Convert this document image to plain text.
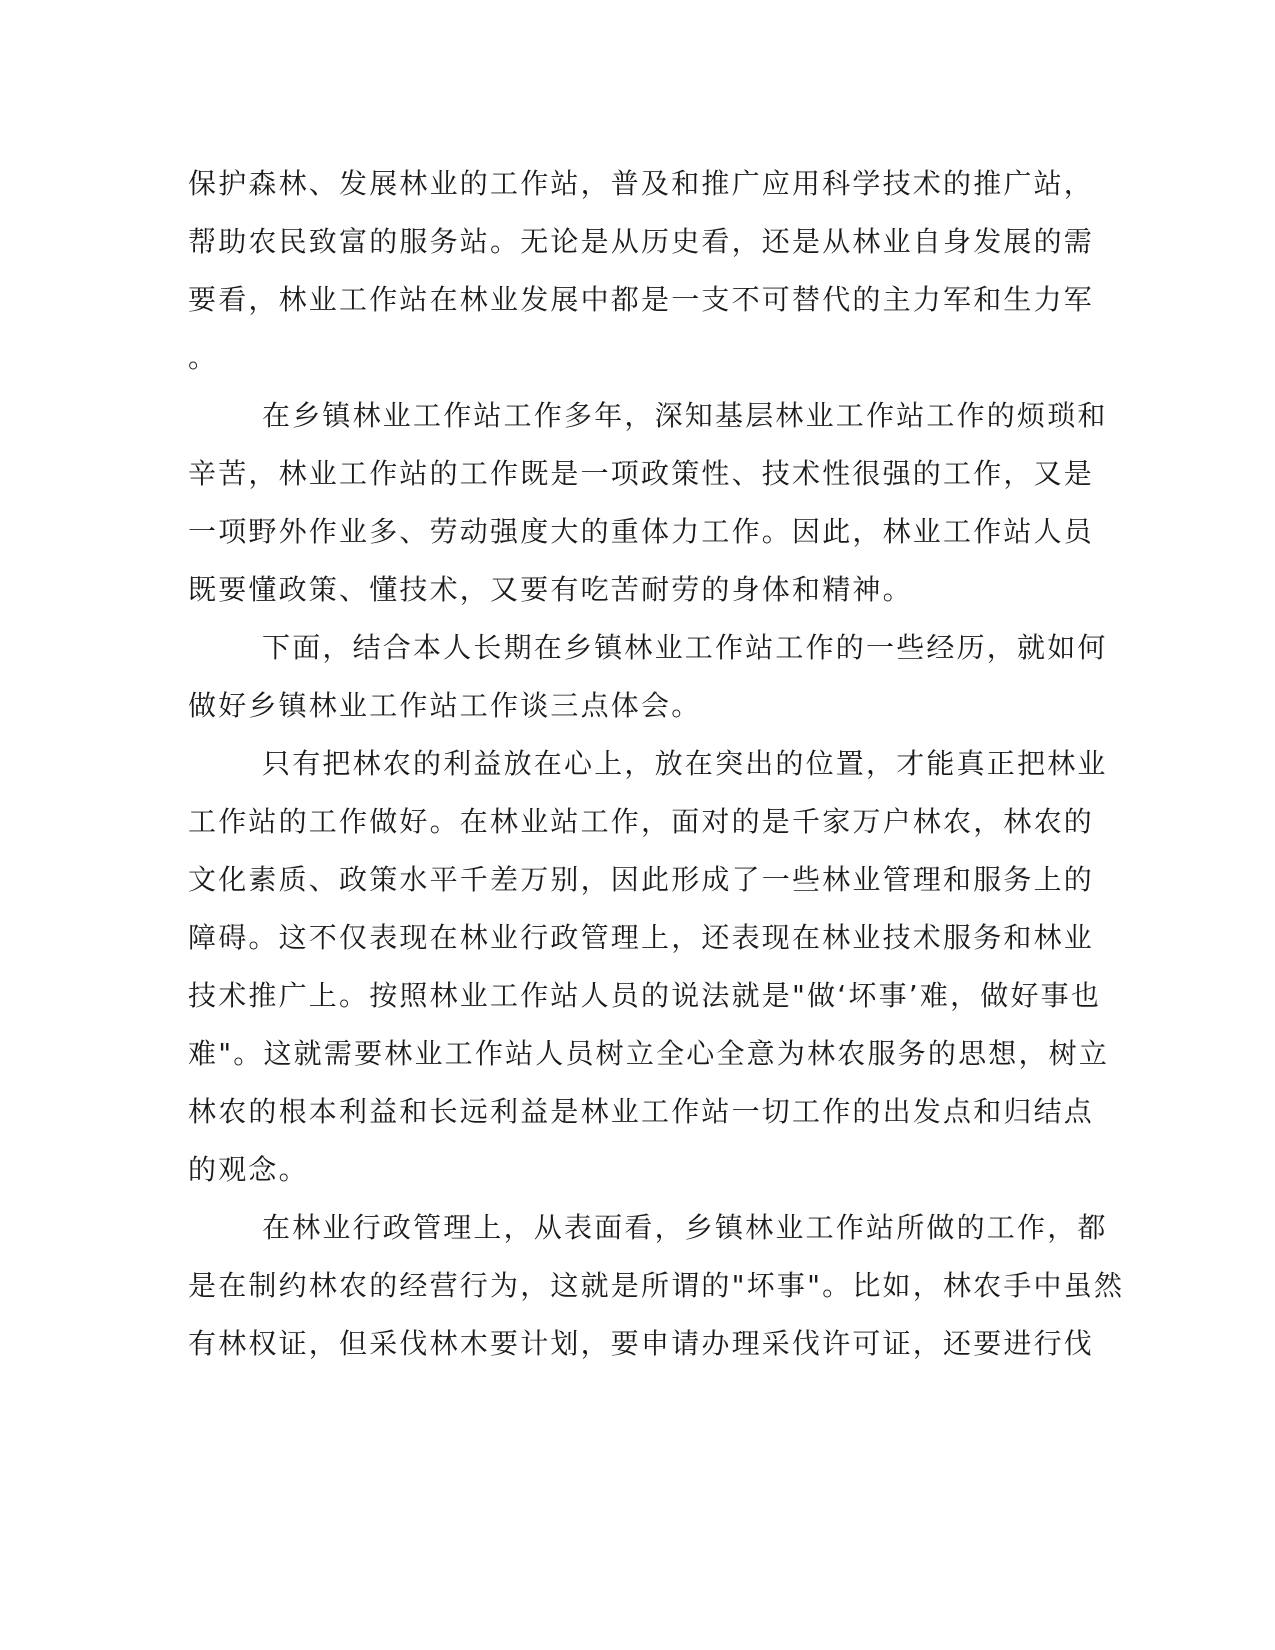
保护森林、发展林业的工作站，普及和推广应用科学技术的推广站，

帮助农民致富的服务站。无论是从历史看，还是从林业自身发展的需

要看，林业工作站在林业发展中都是一支不可替代的主力军和生力军

。

在乡镇林业工作站工作多年，深知基层林业工作站工作的烦琐和

辛苦，林业工作站的工作既是一项政策性、技术性很强的工作，又是

一项野外作业多、劳动强度大的重体力工作。因此，林业工作站人员

既要懂政策、懂技术，又要有吃苦耐劳的身体和精神。

下面，结合本人长期在乡镇林业工作站工作的一些经历，就如何

做好乡镇林业工作站工作谈三点体会。

只有把林农的利益放在心上，放在突出的位置，才能真正把林业

工作站的工作做好。在林业站工作，面对的是千家万户林农，林农的

文化素质、政策水平千差万别，因此形成了一些林业管理和服务上的

障碍。这不仅表现在林业行政管理上，还表现在林业技术服务和林业

技术推广上。按照林业工作站人员的说法就是"做‘坏事’难，做好事也

难"。这就需要林业工作站人员树立全心全意为林农服务的思想，树立

林农的根本利益和长远利益是林业工作站一切工作的出发点和归结点

的观念。

在林业行政管理上，从表面看，乡镇林业工作站所做的工作，都

是在制约林农的经营行为，这就是所谓的"坏事"。比如，林农手中虽然

有林权证，但采伐林木要计划，要申请办理采伐许可证，还要进行伐
